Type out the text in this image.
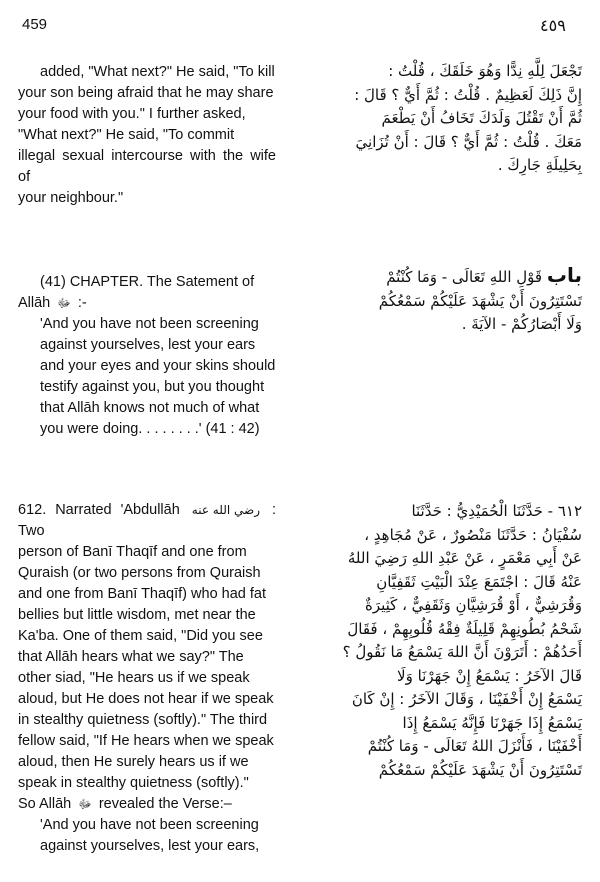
459	٤٥٩

added, "What next?" He said, "To kill

your son being afraid that he may share

your food with you." I further asked,

"What next?" He said, "To commit

illegal sexual intercourse with the wife of

your neighbour."

تَجْعَلَ لِلَّهِ نِدًّا وَهُوَ خَلَقَكَ ، قُلْتُ :

إِنَّ ذَلِكَ لَعَظِيمٌ . قُلْتُ : ثُمَّ أَيٌّ ؟ قَالَ :

ثُمَّ أَنْ تَقْتُلَ وَلَدَكَ تَخَافُ أَنْ يَطْعَمَ

مَعَكَ . قُلْتُ : ثُمَّ أَيٌّ ؟ قَالَ : أَنْ تُزَانِيَ

بِحَلِيلَةِ جَارِكَ .

(41) CHAPTER. The Satement of

Allāh ﷻ :-

'And you have not been screening

against yourselves, lest your ears

and your eyes and your skins should

testify against you, but you thought

that Allāh knows not much of what

you were doing. . . . . . . .' (41 : 42)

باب قَوْلِ اللهِ تَعَالَى - وَمَا كُنْتُمْ

تَسْتَتِرُونَ أَنْ يَشْهَدَ عَلَيْكُمْ سَمْعُكُمْ

وَلَا أَبْصَارُكُمْ - الآيَةَ .

612. Narrated 'Abdullāh رضي الله عنه : Two

person of Banī Thaqīf and one from

Quraish (or two persons from Quraish

and one from Banī Thaqīf) who had fat

bellies but little wisdom, met near the

Ka'ba. One of them said, "Did you see

that Allāh hears what we say?" The

other siad, "He hears us if we speak

aloud, but He does not hear if we speak

in stealthy quietness (softly)." The third

fellow said, "If He hears when we speak

aloud, then He surely hears us if we

speak in stealthy quietness (softly)."

So Allāh ﷻ revealed the Verse:–

'And you have not been screening

against yourselves, lest your ears,

٦١٢ - حَدَّثَنَا الْحُمَيْدِيُّ : حَدَّثَنَا

سُفْيَانُ : حَدَّثَنَا مَنْصُورٌ ، عَنْ مُجَاهِدٍ ،

عَنْ أَبِي مَعْمَرٍ ، عَنْ عَبْدِ اللهِ رَضِيَ اللهُ

عَنْهُ قَالَ : اجْتَمَعَ عِنْدَ الْبَيْتِ ثَقَفِيَّانِ

وَقُرَشِيٌّ ، أَوْ قُرَشِيَّانِ وَثَقَفِيٌّ ، كَثِيرَةٌ

شَحْمُ بُطُونِهِمْ قَلِيلَةٌ فِقْهُ قُلُوبِهِمْ ، فَقَالَ

أَحَدُهُمْ : أَتَرَوْنَ أَنَّ اللهَ يَسْمَعُ مَا نَقُولُ ؟

قَالَ الآخَرُ : يَسْمَعُ إِنْ جَهَرْنَا وَلَا

يَسْمَعُ إِنْ أَخْفَيْنَا ، وَقَالَ الآخَرُ : إِنْ كَانَ

يَسْمَعُ إِذَا جَهَرْنَا فَإِنَّهُ يَسْمَعُ إِذَا

أَخْفَيْنَا ، فَأَنْزَلَ اللهُ تَعَالَى - وَمَا كُنْتُمْ

تَسْتَتِرُونَ أَنْ يَشْهَدَ عَلَيْكُمْ سَمْعُكُمْ
